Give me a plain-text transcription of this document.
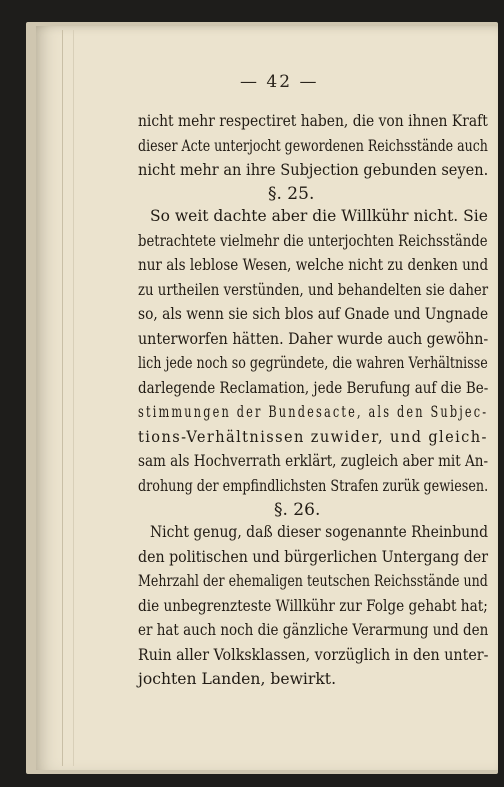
— 42 —
nicht mehr respectiret haben, die von ihnen Kraft
dieser Acte unterjocht gewordenen Reichsstände auch
nicht mehr an ihre Subjection gebunden seyen.
§. 25.
So weit dachte aber die Willkühr nicht. Sie
betrachtete vielmehr die unterjochten Reichsstände
nur als leblose Wesen, welche nicht zu denken und
zu urtheilen verstünden, und behandelten sie daher
so, als wenn sie sich blos auf Gnade und Ungnade
unterworfen hätten. Daher wurde auch gewöhn-
lich jede noch so gegründete, die wahren Verhältnisse
darlegende Reclamation, jede Berufung auf die Be-
stimmungen der Bundesacte, als den Subjec-
tions-Verhältnissen zuwider, und gleich-
sam als Hochverrath erklärt, zugleich aber mit An-
drohung der empfindlichsten Strafen zurük gewiesen.
§. 26.
Nicht genug, daß dieser sogenannte Rheinbund
den politischen und bürgerlichen Untergang der
Mehrzahl der ehemaligen teutschen Reichsstände und
die unbegrenzteste Willkühr zur Folge gehabt hat;
er hat auch noch die gänzliche Verarmung und den
Ruin aller Volksklassen, vorzüglich in den unter-
jochten Landen, bewirkt.
